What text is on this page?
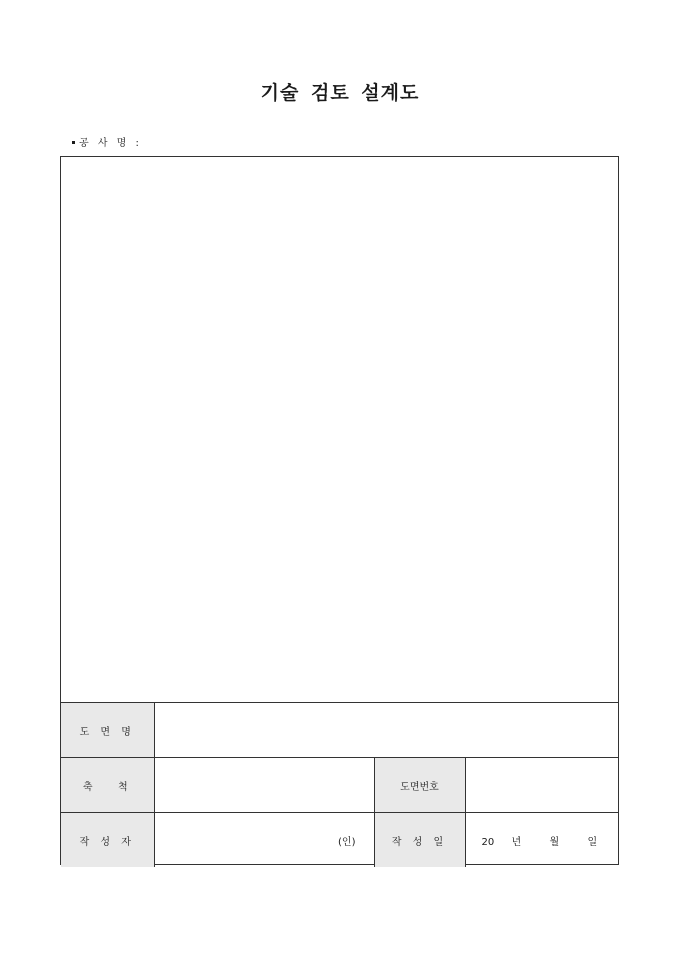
기술 검토 설계도
공 사 명 :
도 면 명			
축   척		도면번호	
작 성 자	(인)	작 성 일	20 년 월 일
